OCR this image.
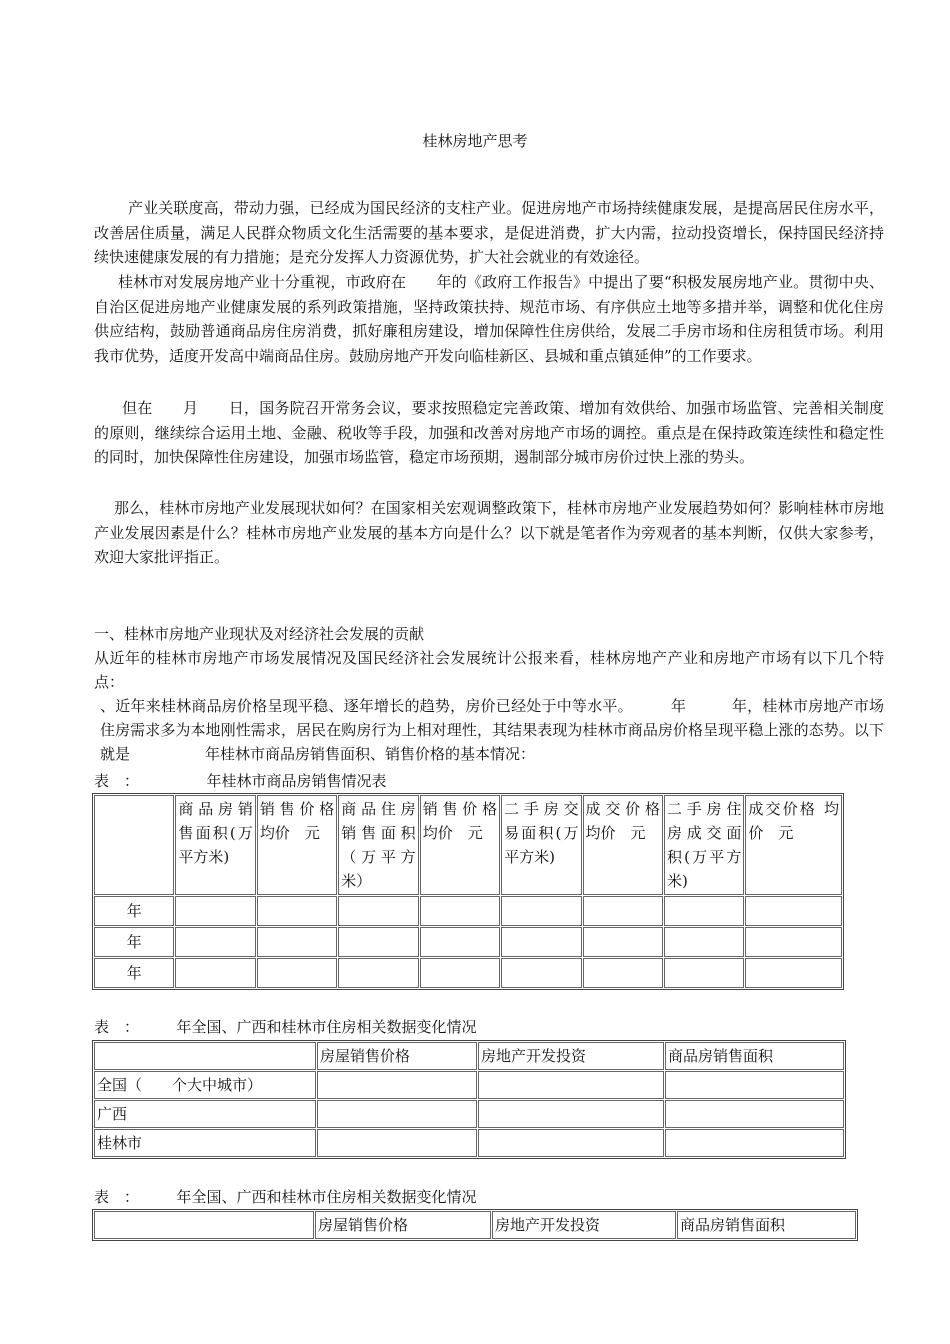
桂林房地产思考
产业关联度高，带动力强，已经成为国民经济的支柱产业。促进房地产市场持续健康发展，是提高居民住房水平，改善居住质量，满足人民群众物质文化生活需要的基本要求，是促进消费，扩大内需，拉动投资增长，保持国民经济持续快速健康发展的有力措施；是充分发挥人力资源优势，扩大社会就业的有效途径。
桂林市对发展房地产业十分重视，市政府在　　年的《政府工作报告》中提出了要“积极发展房地产业。贯彻中央、自治区促进房地产业健康发展的系列政策措施，坚持政策扶持、规范市场、有序供应土地等多措并举，调整和优化住房供应结构，鼓励普通商品房住房消费，抓好廉租房建设，增加保障性住房供给，发展二手房市场和住房租赁市场。利用我市优势，适度开发高中端商品住房。鼓励房地产开发向临桂新区、县城和重点镇延伸”的工作要求。
但在　　月　　日，国务院召开常务会议，要求按照稳定完善政策、增加有效供给、加强市场监管、完善相关制度的原则，继续综合运用土地、金融、税收等手段，加强和改善对房地产市场的调控。重点是在保持政策连续性和稳定性的同时，加快保障性住房建设，加强市场监管，稳定市场预期，遏制部分城市房价过快上涨的势头。
那么，桂林市房地产业发展现状如何？在国家相关宏观调整政策下，桂林市房地产业发展趋势如何？影响桂林市房地产业发展因素是什么？桂林市房地产业发展的基本方向是什么？以下就是笔者作为旁观者的基本判断，仅供大家参考，欢迎大家批评指正。
一、桂林市房地产业现状及对经济社会发展的贡献
从近年的桂林市房地产市场发展情况及国民经济社会发展统计公报来看，桂林房地产产业和房地产市场有以下几个特点：
、近年来桂林商品房价格呈现平稳、逐年增长的趋势，房价已经处于中等水平。　　　年　　　年，桂林市房地产市场住房需求多为本地刚性需求，居民在购房行为上相对理性，其结果表现为桂林市商品房价格呈现平稳上涨的态势。以下就是　　　　　年桂林市商品房销售面积、销售价格的基本情况：
表　：　　　　　年桂林市商品房销售情况表
	商品房销售面积(万平方米)	销售价格均价　元	商品住房销售面积（万平方米）	销售价格均价　元	二手房交易面积(万平方米)	成交价格均价　元	二手房住房成交面积(万平方米)	成交价格 均价　元
年								
年								
年								
表　：　　　年全国、广西和桂林市住房相关数据变化情况
	房屋销售价格	房地产开发投资	商品房销售面积
全国（　　个大中城市）			
广西			
桂林市			
表　：　　　年全国、广西和桂林市住房相关数据变化情况
	房屋销售价格	房地产开发投资	商品房销售面积
